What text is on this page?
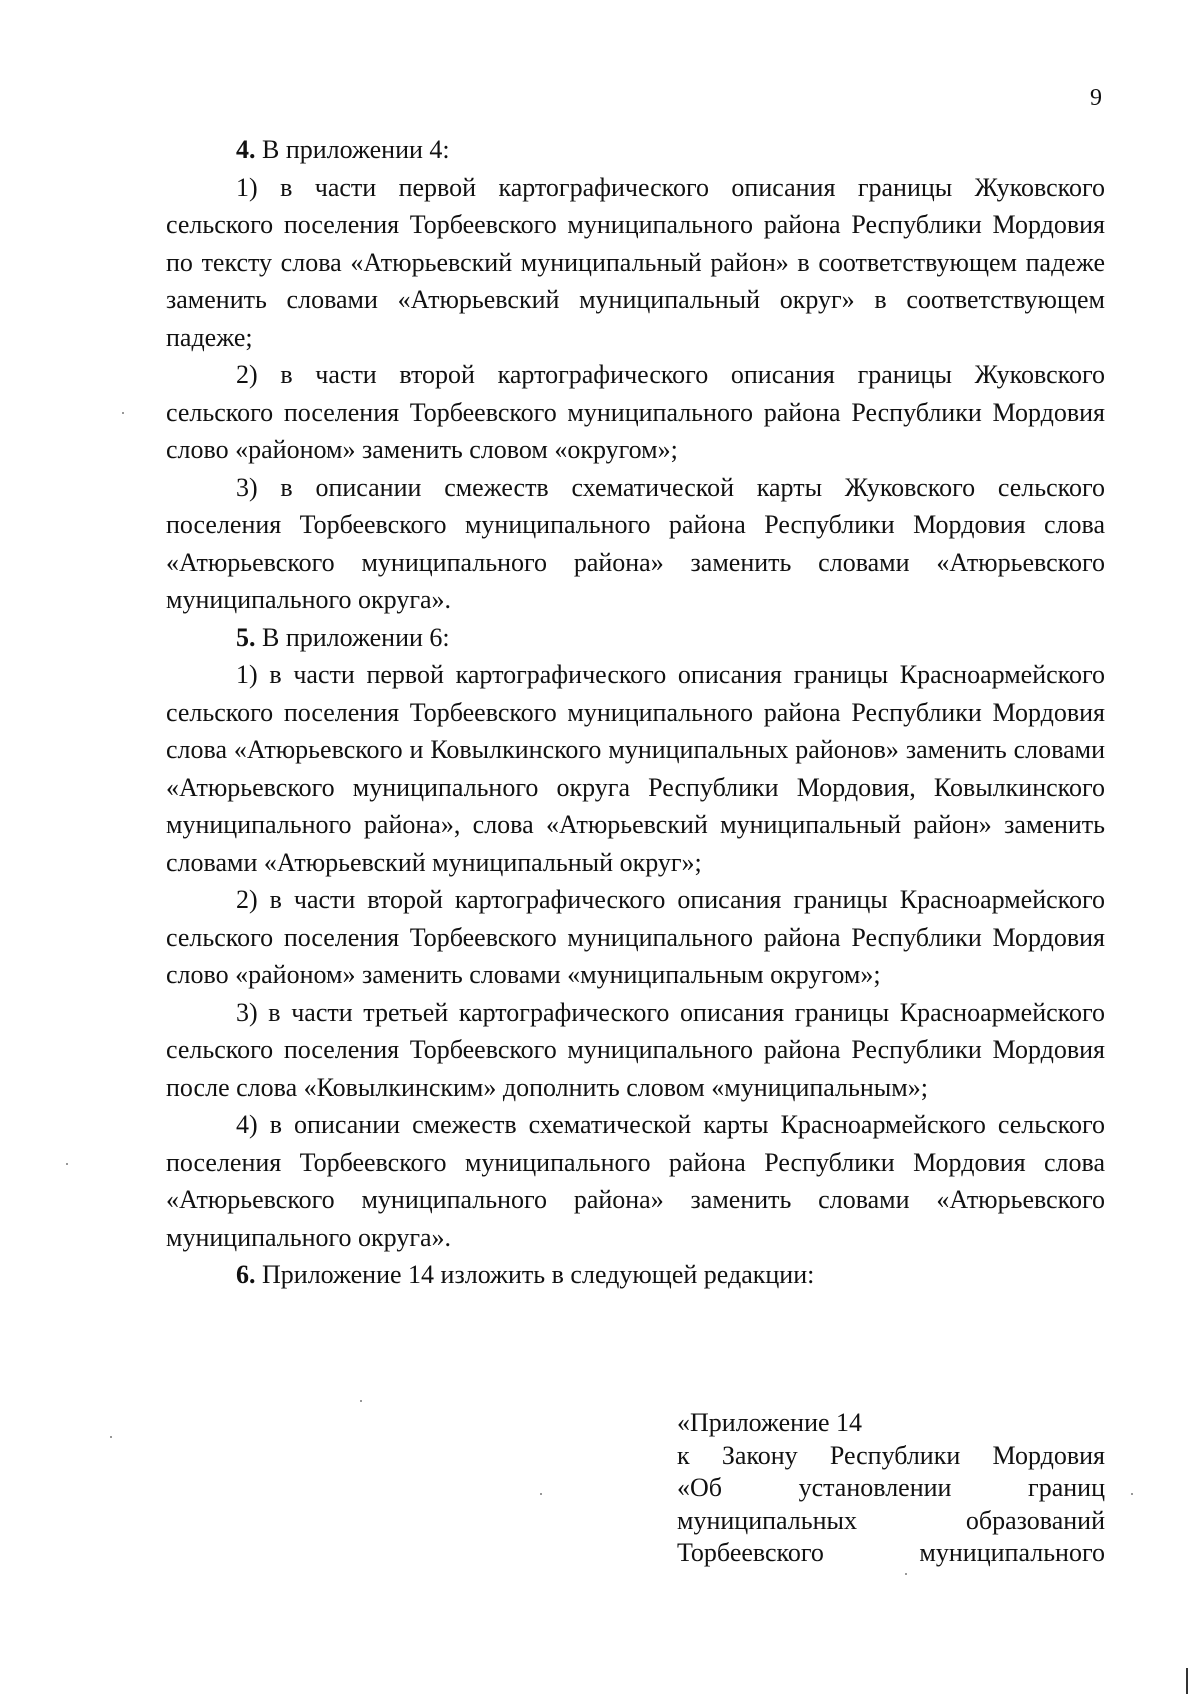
9

4. В приложении 4:

1) в части первой картографического описания границы Жуковского сельского поселения Торбеевского муниципального района Республики Мордовия по тексту слова «Атюрьевский муниципальный район» в соответствующем падеже заменить словами «Атюрьевский муниципальный округ» в соответствующем падеже;

2) в части второй картографического описания границы Жуковского сельского поселения Торбеевского муниципального района Республики Мордовия слово «районом» заменить словом «округом»;

3) в описании смежеств схематической карты Жуковского сельского поселения Торбеевского муниципального района Республики Мордовия слова «Атюрьевского муниципального района» заменить словами «Атюрьевского муниципального округа».

5. В приложении 6:

1) в части первой картографического описания границы Красноармейского сельского поселения Торбеевского муниципального района Республики Мордовия слова «Атюрьевского и Ковылкинского муниципальных районов» заменить словами «Атюрьевского муниципального округа Республики Мордовия, Ковылкинского муниципального района», слова «Атюрьевский муниципальный район» заменить словами «Атюрьевский муниципальный округ»;

2) в части второй картографического описания границы Красноармейского сельского поселения Торбеевского муниципального района Республики Мордовия слово «районом» заменить словами «муниципальным округом»;

3) в части третьей картографического описания границы Красноармейского сельского поселения Торбеевского муниципального района Республики Мордовия после слова «Ковылкинским» дополнить словом «муниципальным»;

4) в описании смежеств схематической карты Красноармейского сельского поселения Торбеевского муниципального района Республики Мордовия слова «Атюрьевского муниципального района» заменить словами «Атюрьевского муниципального округа».

6. Приложение 14 изложить в следующей редакции:

«Приложение 14

к Закону Республики Мордовия

«Об установлении границ

муниципальных образований

Торбеевского муниципального
